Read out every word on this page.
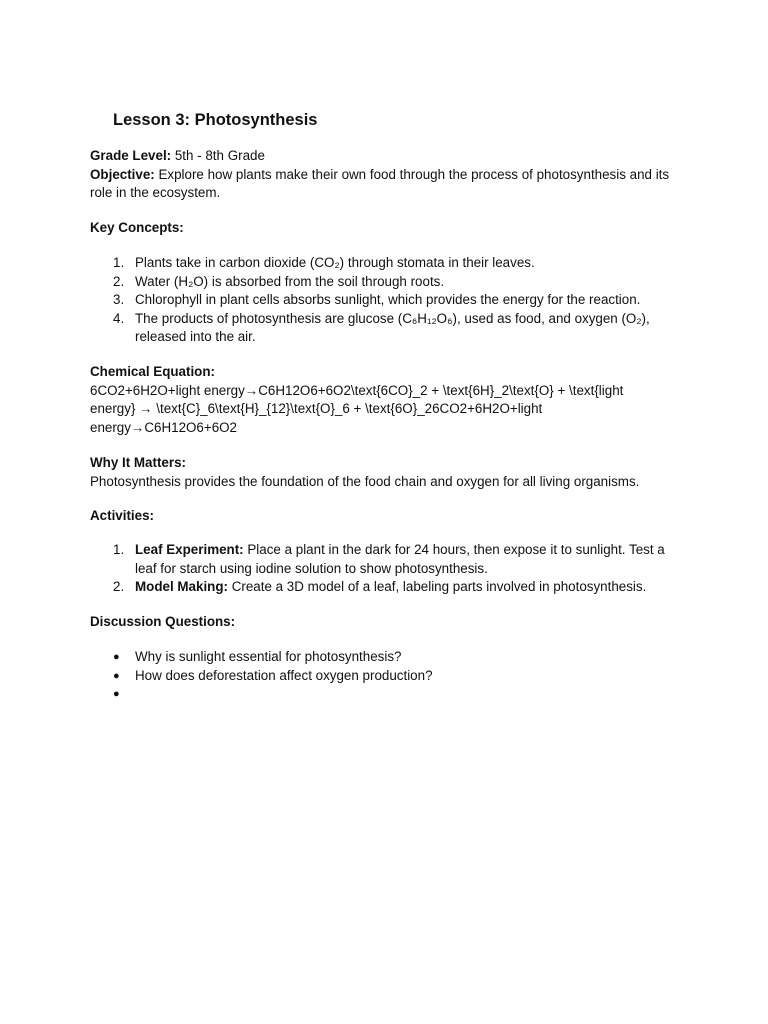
Lesson 3: Photosynthesis
Grade Level: 5th - 8th Grade
Objective: Explore how plants make their own food through the process of photosynthesis and its role in the ecosystem.
Key Concepts:
1. Plants take in carbon dioxide (CO₂) through stomata in their leaves.
2. Water (H₂O) is absorbed from the soil through roots.
3. Chlorophyll in plant cells absorbs sunlight, which provides the energy for the reaction.
4. The products of photosynthesis are glucose (C₆H₁₂O₆), used as food, and oxygen (O₂), released into the air.
Chemical Equation:
6CO2+6H2O+light energy→C6H12O6+6O2\text{6CO}_2 + \text{6H}_2\text{O} + \text{light energy} → \text{C}_6\text{H}_{12}\text{O}_6 + \text{6O}_26CO2+6H2O+light energy→C6H12O6+6O2
Why It Matters:
Photosynthesis provides the foundation of the food chain and oxygen for all living organisms.
Activities:
1. Leaf Experiment: Place a plant in the dark for 24 hours, then expose it to sunlight. Test a leaf for starch using iodine solution to show photosynthesis.
2. Model Making: Create a 3D model of a leaf, labeling parts involved in photosynthesis.
Discussion Questions:
● Why is sunlight essential for photosynthesis?
● How does deforestation affect oxygen production?
●
